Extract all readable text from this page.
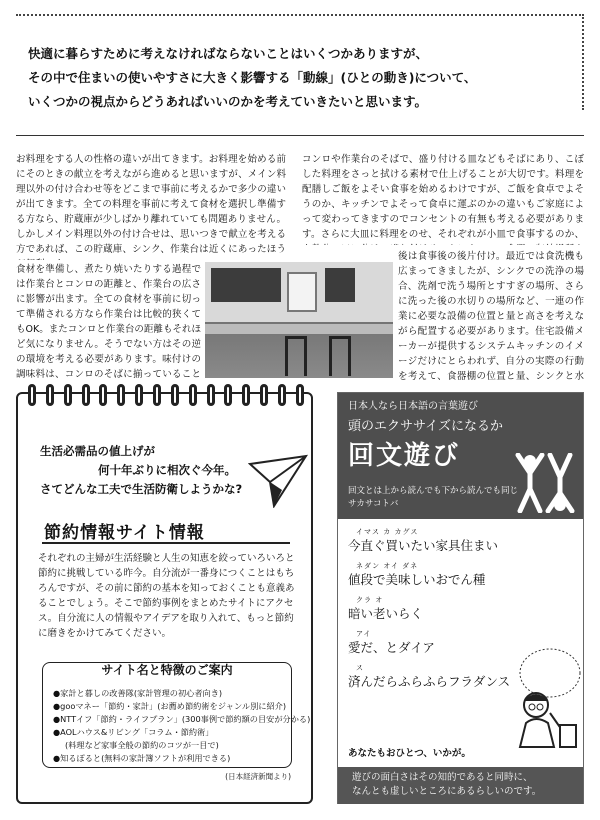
快適に暮らすために考えなければならないことはいくつかありますが、

その中で住まいの使いやすさに大きく影響する「動線」(ひとの動き)について、

いくつかの視点からどうあればいいのかを考えていきたいと思います。

お料理をする人の性格の違いが出てきます。お料理を始める前にそのときの献立を考えながら進めると思いますが、メイン料理以外の付け合わせ等をどこまで事前に考えるかで多少の違いが出てきます。全ての料理を事前に考えて食材を選択し準備する方なら、貯蔵庫が少しばかり離れていても問題ありません。しかしメイン料理以外の付け合せは、思いつきで献立を考える方であれば、この貯蔵庫、シンク、作業台は近くにあったほう
コンロや作業台のそばで、盛り付ける皿などもそばにあり、こぼした料理をさっと拭ける素材で仕上げることが大切です。料理を配膳しご飯をよそい食事を始めるわけですが、ご飯を食卓でよそうのか、キッチンでよそって食卓に運ぶのかの違いもご家庭によって変わってきますのでコンセントの有無も考える必要があります。さらに大皿に料理をのせ、それぞれが小皿で食事するのか、
食材を準備し、煮たり焼いたりする過程では作業台とコンロの距離と、作業台の広さに影響が出ます。全ての食材を事前に切って準備される方なら作業台は比較的狭くてもOK。またコンロと作業台の距離もそれほど気になりません。そうでない方はその逆の環境を考える必要があります。味付けの調味料は、コンロのそばに揃っていること
後は食事後の後片付け。最近では食洗機も広まってきましたが、シンクでの洗浄の場合、洗剤で洗う場所とすすぎの場所、さらに洗った後の水切りの場所など、一連の作業に必要な設備の位置と量と高さを考えながら配置する必要があります。住宅設備メーカーが提供するシステムキッチンのイメージだけにとらわれず、自分の実際の行動を考えて、食器棚の位置と量、シンクと水
生活必需品の値上げが
何十年ぶりに相次ぐ今年。
さてどんな工夫で生活防衛しようかな?
節約情報サイト情報
それぞれの主婦が生活経験と人生の知恵を絞っていろいろと節約に挑戦している昨今。自分流が一番身につくことはもちろんですが、その前に節約の基本を知っておくことも意義あることでしょう。そこで節約事例をまとめたサイトにアクセス。自分流に人の情報やアイデアを取り入れて、もっと節約に磨きをかけてみてください。
サイト名と特徴のご案内
●家計と暮しの改善隊(家計管理の初心者向き)
●gooマネー「節約・家計」(お薦め節約術をジャンル別に紹介)
●NTTイフ「節約・ライフプラン」(300事例で節約額の目安が分かる)
●AOLハウス&リビング「コラム・節約術」
(料理など家事全般の節約のコツが一目で)
●知るぽると(無料の家計簿ソフトが利用できる)
(日本経済新聞より)
日本人なら日本語の言葉遊び
頭のエクササイズになるか
回文遊び
回文とは上から読んでも下から読んでも同じ
サカサコトバ
イマス カ カグス
今直ぐ買いたい家具住まい
ネダン オイ ダネ
値段で美味しいおでん種
クラ オ
暗い老いらく
アイ
愛だ、とダイア
ス
済んだらふらふらフラダンス
あなたもおひとつ、いかが。
遊びの面白さはその知的であると同時に、
なんとも虚しいところにあるらしいのです。
